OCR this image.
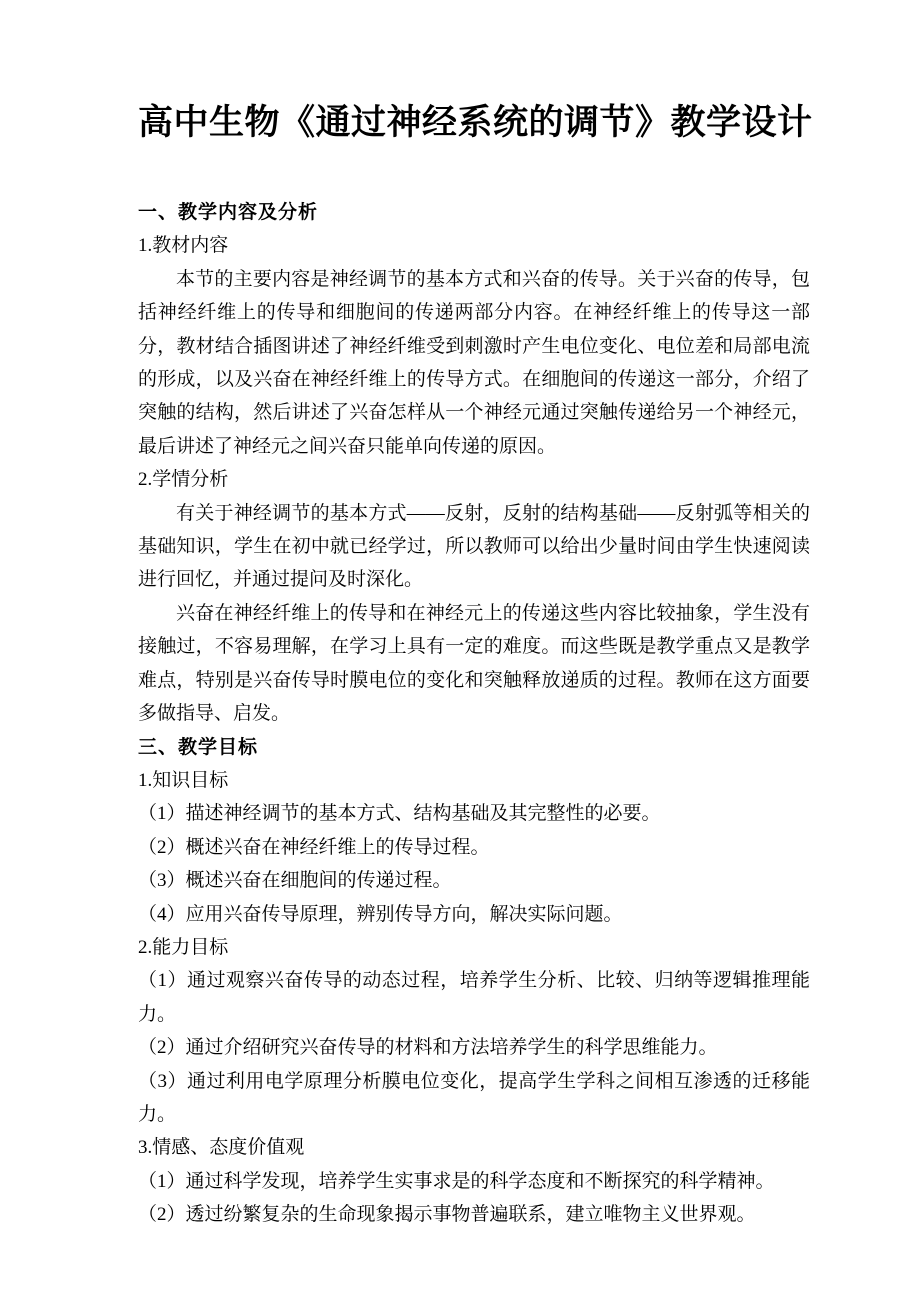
高中生物《通过神经系统的调节》教学设计
一、教学内容及分析

1.教材内容

本节的主要内容是神经调节的基本方式和兴奋的传导。关于兴奋的传导，包括神经纤维上的传导和细胞间的传递两部分内容。在神经纤维上的传导这一部分，教材结合插图讲述了神经纤维受到刺激时产生电位变化、电位差和局部电流的形成，以及兴奋在神经纤维上的传导方式。在细胞间的传递这一部分，介绍了突触的结构，然后讲述了兴奋怎样从一个神经元通过突触传递给另一个神经元，最后讲述了神经元之间兴奋只能单向传递的原因。

2.学情分析

有关于神经调节的基本方式——反射，反射的结构基础——反射弧等相关的基础知识，学生在初中就已经学过，所以教师可以给出少量时间由学生快速阅读进行回忆，并通过提问及时深化。

兴奋在神经纤维上的传导和在神经元上的传递这些内容比较抽象，学生没有接触过，不容易理解，在学习上具有一定的难度。而这些既是教学重点又是教学难点，特别是兴奋传导时膜电位的变化和突触释放递质的过程。教师在这方面要多做指导、启发。

三、教学目标

1.知识目标

（1）描述神经调节的基本方式、结构基础及其完整性的必要。

（2）概述兴奋在神经纤维上的传导过程。

（3）概述兴奋在细胞间的传递过程。

（4）应用兴奋传导原理，辨别传导方向，解决实际问题。

2.能力目标

（1）通过观察兴奋传导的动态过程，培养学生分析、比较、归纳等逻辑推理能力。

（2）通过介绍研究兴奋传导的材料和方法培养学生的科学思维能力。

（3）通过利用电学原理分析膜电位变化，提高学生学科之间相互渗透的迁移能力。

3.情感、态度价值观

（1）通过科学发现，培养学生实事求是的科学态度和不断探究的科学精神。

（2）透过纷繁复杂的生命现象揭示事物普遍联系，建立唯物主义世界观。
